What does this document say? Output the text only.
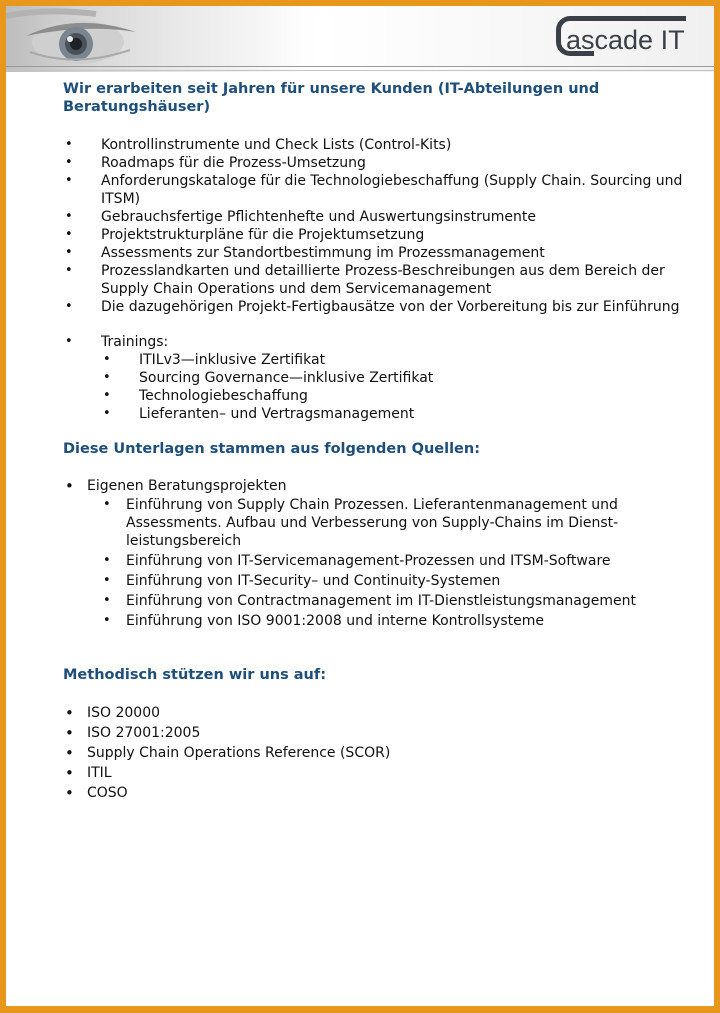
ascade IT
Wir erarbeiten seit Jahren für unsere Kunden (IT-Abteilungen und Beratungshäuser)
• Kontrollinstrumente und Check Lists (Control-Kits)
• Roadmaps für die Prozess-Umsetzung
• Anforderungskataloge für die Technologiebeschaffung (Supply Chain. Sourcing und ITSM)
• Gebrauchsfertige Pflichtenhefte und Auswertungsinstrumente
• Projektstrukturpläne für die Projektumsetzung
• Assessments zur Standortbestimmung im Prozessmanagement
• Prozesslandkarten und detaillierte Prozess-Beschreibungen aus dem Bereich der Supply Chain Operations und dem Servicemanagement
• Die dazugehörigen Projekt-Fertigbausätze von der Vorbereitung bis zur Einführung
• Trainings:
• ITILv3—inklusive Zertifikat
• Sourcing Governance—inklusive Zertifikat
• Technologiebeschaffung
• Lieferanten– und Vertragsmanagement
Diese Unterlagen stammen aus folgenden Quellen:
• Eigenen Beratungsprojekten
• Einführung von Supply Chain Prozessen. Lieferantenmanagement und Assessments. Aufbau und Verbesserung von Supply-Chains im Dienst-leistungsbereich
• Einführung von IT-Servicemanagement-Prozessen und ITSM-Software
• Einführung von IT-Security– und Continuity-Systemen
• Einführung von Contractmanagement im IT-Dienstleistungsmanagement
• Einführung von ISO 9001:2008 und interne Kontrollsysteme
Methodisch stützen wir uns auf:
• ISO 20000
• ISO 27001:2005
• Supply Chain Operations Reference (SCOR)
• ITIL
• COSO
